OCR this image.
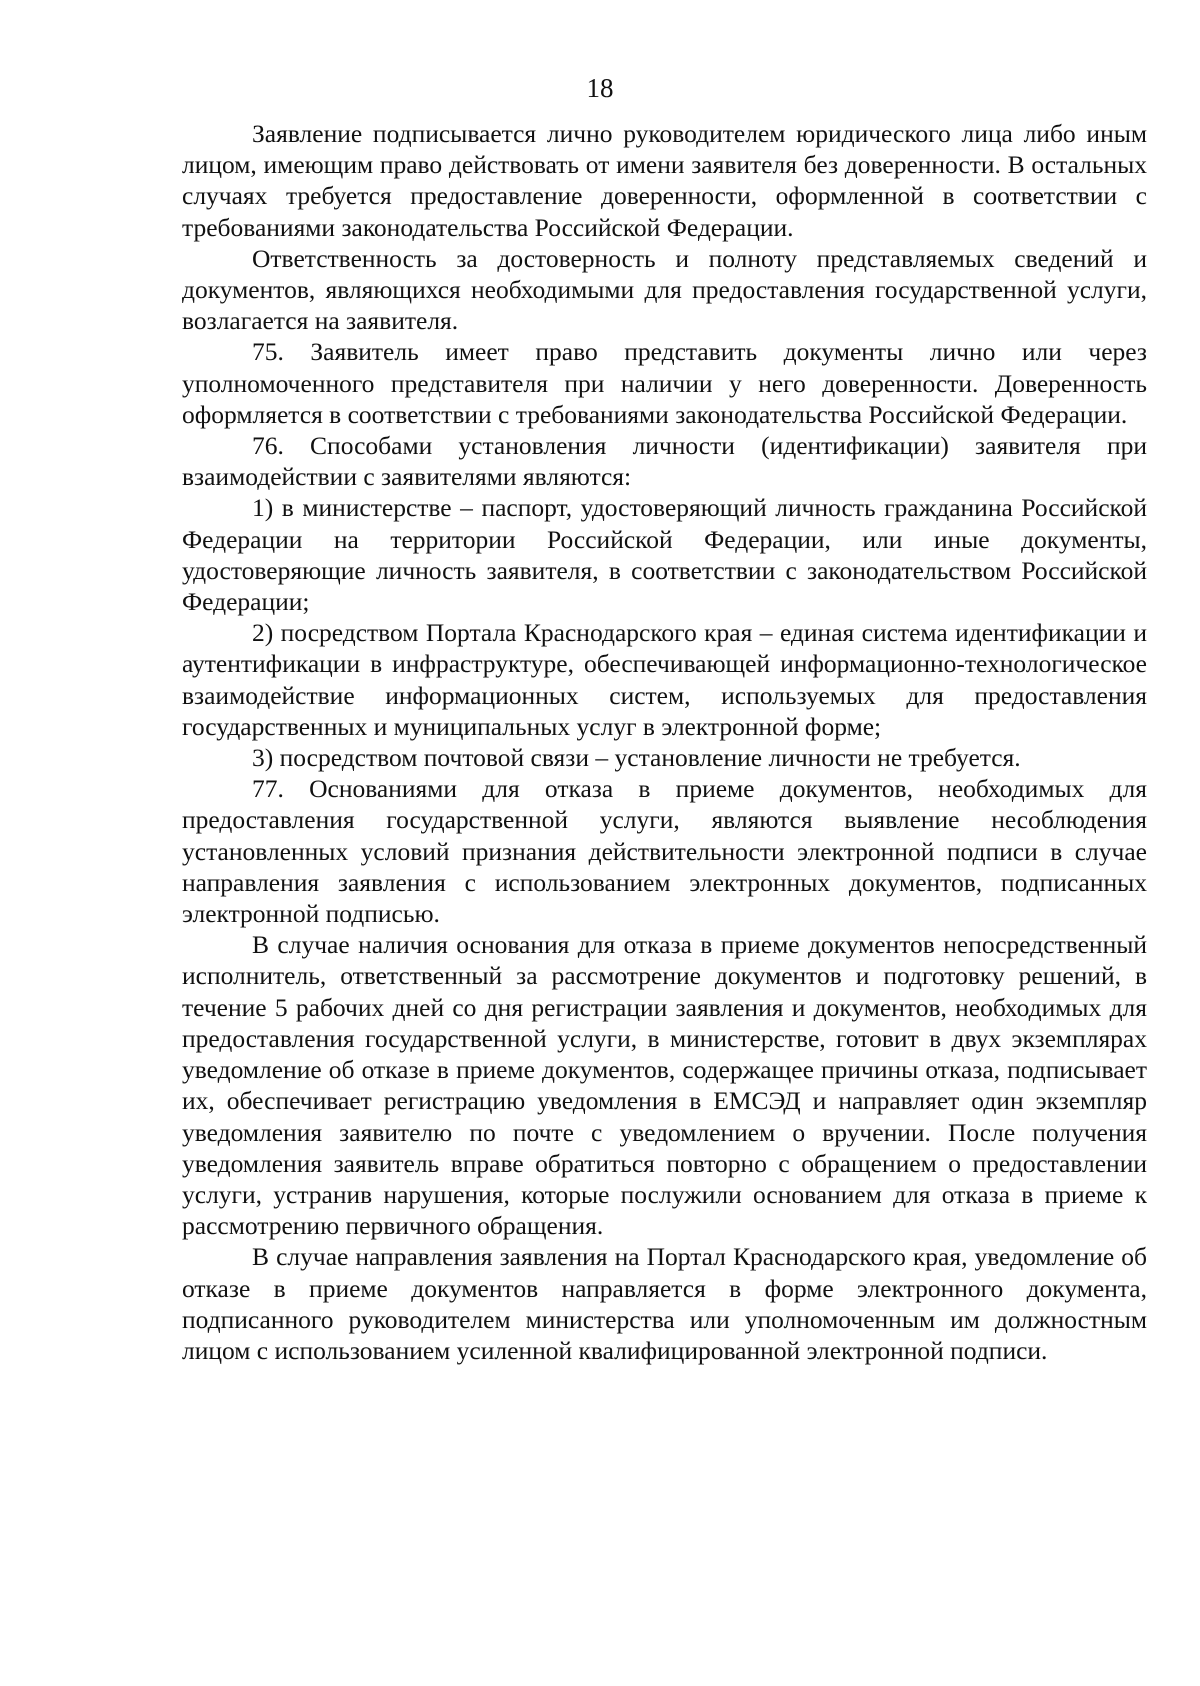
18

Заявление подписывается лично руководителем юридического лица либо иным лицом, имеющим право действовать от имени заявителя без доверенности. В остальных случаях требуется предоставление доверенности, оформленной в соответствии с требованиями законодательства Российской Федерации.

Ответственность за достоверность и полноту представляемых сведений и документов, являющихся необходимыми для предоставления государственной услуги, возлагается на заявителя.

75. Заявитель имеет право представить документы лично или через уполномоченного представителя при наличии у него доверенности. Доверенность оформляется в соответствии с требованиями законодательства Российской Федерации.

76. Способами установления личности (идентификации) заявителя при взаимодействии с заявителями являются:

1) в министерстве – паспорт, удостоверяющий личность гражданина Российской Федерации на территории Российской Федерации, или иные документы, удостоверяющие личность заявителя, в соответствии с законодательством Российской Федерации;

2) посредством Портала Краснодарского края – единая система идентификации и аутентификации в инфраструктуре, обеспечивающей информационно-технологическое взаимодействие информационных систем, используемых для предоставления государственных и муниципальных услуг в электронной форме;

3) посредством почтовой связи – установление личности не требуется.

77. Основаниями для отказа в приеме документов, необходимых для предоставления государственной услуги, являются выявление несоблюдения установленных условий признания действительности электронной подписи в случае направления заявления с использованием электронных документов, подписанных электронной подписью.

В случае наличия основания для отказа в приеме документов непосредственный исполнитель, ответственный за рассмотрение документов и подготовку решений, в течение 5 рабочих дней со дня регистрации заявления и документов, необходимых для предоставления государственной услуги, в министерстве, готовит в двух экземплярах уведомление об отказе в приеме документов, содержащее причины отказа, подписывает их, обеспечивает регистрацию уведомления в ЕМСЭД и направляет один экземпляр уведомления заявителю по почте с уведомлением о вручении. После получения уведомления заявитель вправе обратиться повторно с обращением о предоставлении услуги, устранив нарушения, которые послужили основанием для отказа в приеме к рассмотрению первичного обращения.

В случае направления заявления на Портал Краснодарского края, уведомление об отказе в приеме документов направляется в форме электронного документа, подписанного руководителем министерства или уполномоченным им должностным лицом с использованием усиленной квалифицированной электронной подписи.
